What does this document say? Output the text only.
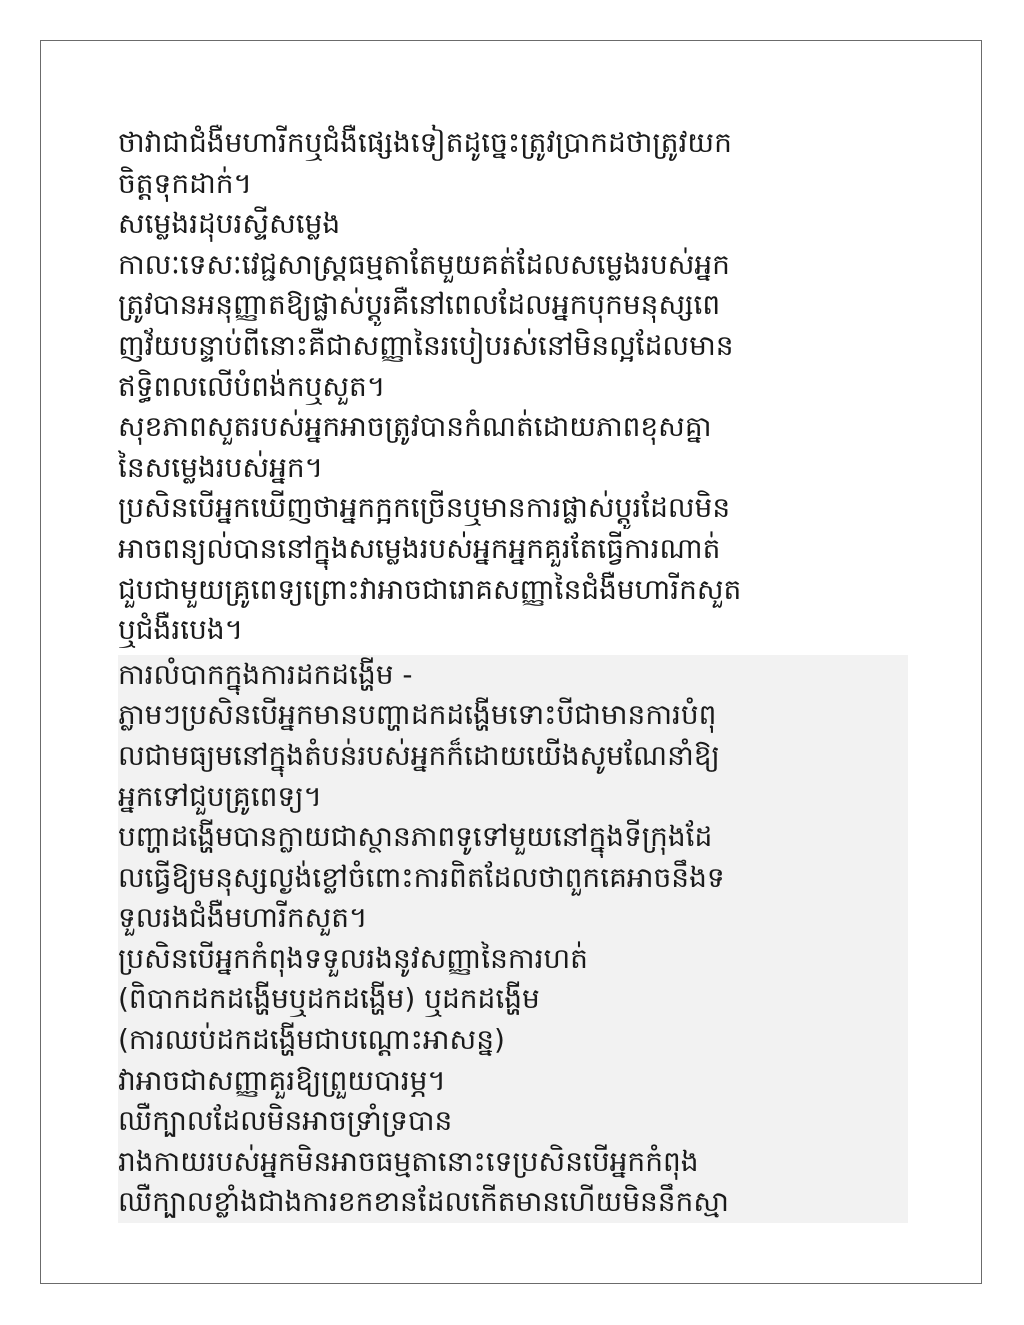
ថាវាជាជំងឺមហារីកឬជំងឺផ្សេងទៀតដូច្នេះត្រូវប្រាកដថាត្រូវយក
ចិត្តទុកដាក់។
សម្លេងរដុបរស្ទីសម្លេង
កាលៈទេសៈវេជ្ជសាស្ត្រធម្មតាតែមួយគត់ដែលសម្លេងរបស់អ្នក
ត្រូវបានអនុញ្ញាតឱ្យផ្លាស់ប្តូរគឺនៅពេលដែលអ្នកបុកមនុស្សពេ
ញវ័យបន្ទាប់ពីនោះគឺជាសញ្ញានៃរបៀបរស់នៅមិនល្អដែលមាន
ឥទ្ធិពលលើបំពង់កឬសួត។
សុខភាពសួតរបស់អ្នកអាចត្រូវបានកំណត់ដោយភាពខុសគ្នា
នៃសម្លេងរបស់អ្នក។
ប្រសិនបើអ្នកឃើញថាអ្នកក្អកច្រើនឬមានការផ្លាស់ប្តូរដែលមិន
អាចពន្យល់បាននៅក្នុងសម្លេងរបស់អ្នកអ្នកគួរតែធ្វើការណាត់
ជួបជាមួយគ្រូពេទ្យព្រោះវាអាចជារោគសញ្ញានៃជំងឺមហារីកសួត
ឬជំងឺរបេង។
ការលំបាកក្នុងការដកដង្ហើម -
ភ្លាមៗប្រសិនបើអ្នកមានបញ្ហាដកដង្ហើមទោះបីជាមានការបំពុ
លជាមធ្យមនៅក្នុងតំបន់របស់អ្នកក៏ដោយយើងសូមណែនាំឱ្យ
អ្នកទៅជួបគ្រូពេទ្យ។
បញ្ហាដង្ហើមបានក្លាយជាស្ថានភាពទូទៅមួយនៅក្នុងទីក្រុងដែ
លធ្វើឱ្យមនុស្សល្ងង់ខ្លៅចំពោះការពិតដែលថាពួកគេអាចនឹងទ
ទួលរងជំងឺមហារីកសួត។
ប្រសិនបើអ្នកកំពុងទទួលរងនូវសញ្ញានៃការហត់
(ពិបាកដកដង្ហើមឬដកដង្ហើម) ឬដកដង្ហើម
(ការឈប់ដកដង្ហើមជាបណ្តោះអាសន្ន)
វាអាចជាសញ្ញាគួរឱ្យព្រួយបារម្ភ។
ឈឺក្បាលដែលមិនអាចទ្រាំទ្របាន
រាងកាយរបស់អ្នកមិនអាចធម្មតានោះទេប្រសិនបើអ្នកកំពុង
ឈឺក្បាលខ្លាំងជាងការខកខានដែលកើតមានហើយមិននឹកស្មា
